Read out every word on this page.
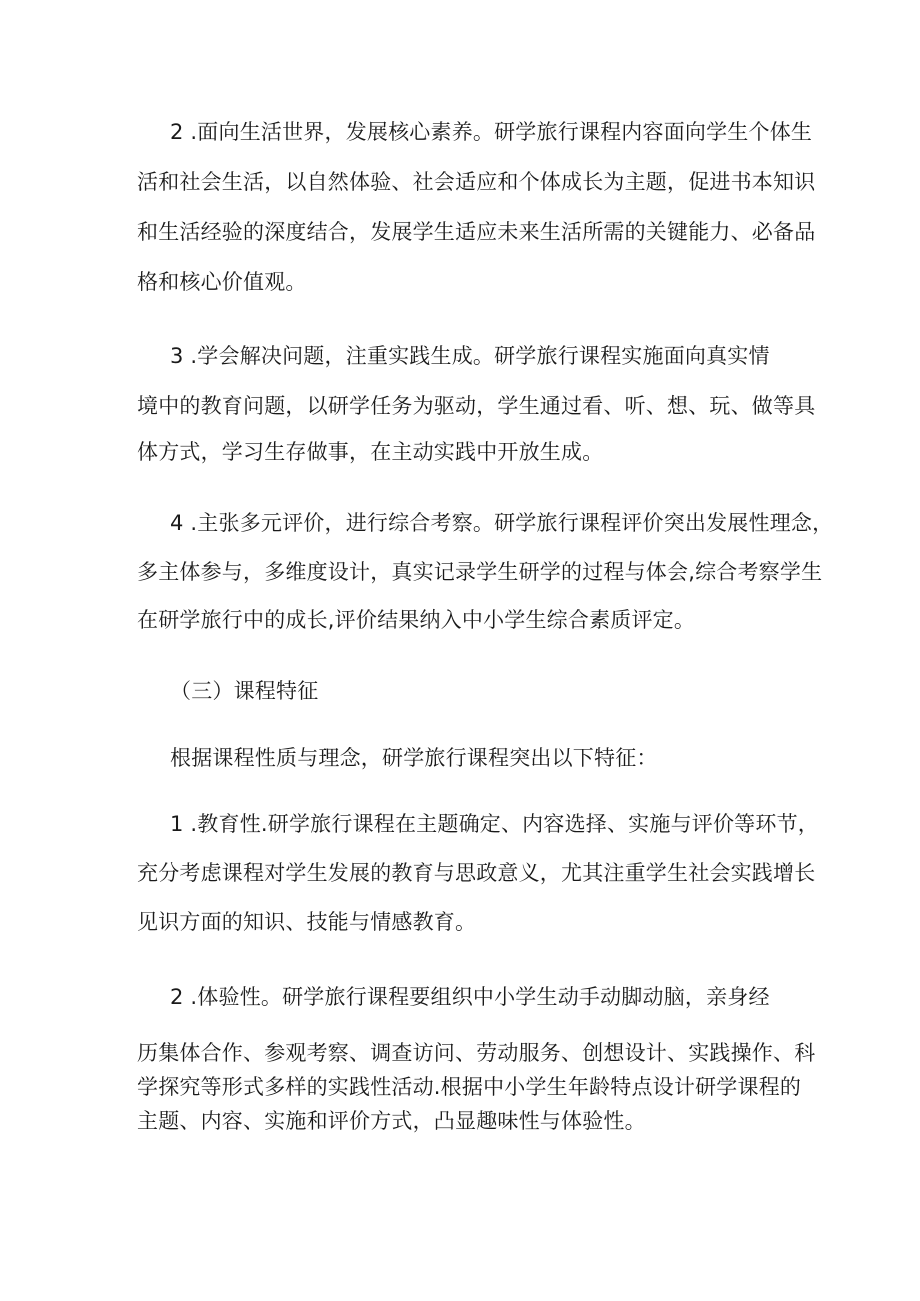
2 .面向生活世界，发展核心素养。研学旅行课程内容面向学生个体生
活和社会生活，以自然体验、社会适应和个体成长为主题，促进书本知识
和生活经验的深度结合，发展学生适应未来生活所需的关键能力、必备品
格和核心价值观。
3 .学会解决问题，注重实践生成。研学旅行课程实施面向真实情
境中的教育问题，以研学任务为驱动，学生通过看、听、想、玩、做等具
体方式，学习生存做事，在主动实践中开放生成。
4 .主张多元评价，进行综合考察。研学旅行课程评价突出发展性理念，
多主体参与，多维度设计，真实记录学生研学的过程与体会,综合考察学生
在研学旅行中的成长,评价结果纳入中小学生综合素质评定。
（三）课程特征
根据课程性质与理念，研学旅行课程突出以下特征：
1 .教育性.研学旅行课程在主题确定、内容选择、实施与评价等环节，
充分考虑课程对学生发展的教育与思政意义，尤其注重学生社会实践增长
见识方面的知识、技能与情感教育。
2 .体验性。研学旅行课程要组织中小学生动手动脚动脑，亲身经
历集体合作、参观考察、调查访问、劳动服务、创想设计、实践操作、科
学探究等形式多样的实践性活动.根据中小学生年龄特点设计研学课程的
主题、内容、实施和评价方式，凸显趣味性与体验性。
